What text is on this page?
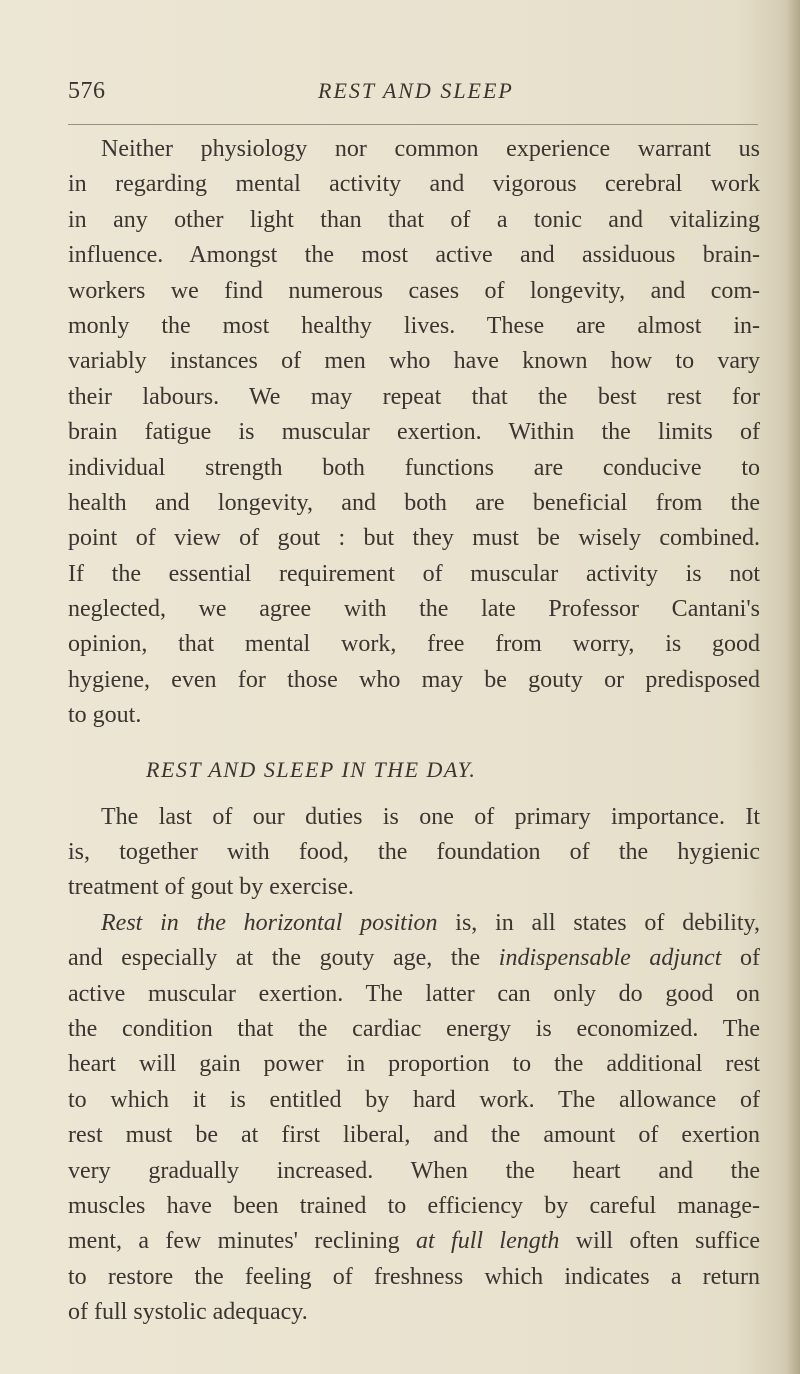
576	REST AND SLEEP
Neither physiology nor common experience warrant us
in regarding mental activity and vigorous cerebral work
in any other light than that of a tonic and vitalizing
influence. Amongst the most active and assiduous brain-
workers we find numerous cases of longevity, and com-
monly the most healthy lives. These are almost in-
variably instances of men who have known how to vary
their labours. We may repeat that the best rest for
brain fatigue is muscular exertion. Within the limits of
individual strength both functions are conducive to
health and longevity, and both are beneficial from the
point of view of gout : but they must be wisely combined.
If the essential requirement of muscular activity is not
neglected, we agree with the late Professor Cantani's
opinion, that mental work, free from worry, is good
hygiene, even for those who may be gouty or predisposed
to gout.
REST AND SLEEP IN THE DAY.
The last of our duties is one of primary importance. It
is, together with food, the foundation of the hygienic
treatment of gout by exercise.
Rest in the horizontal position is, in all states of debility,
and especially at the gouty age, the indispensable adjunct of
active muscular exertion. The latter can only do good on
the condition that the cardiac energy is economized. The
heart will gain power in proportion to the additional rest
to which it is entitled by hard work. The allowance of
rest must be at first liberal, and the amount of exertion
very gradually increased. When the heart and the
muscles have been trained to efficiency by careful manage-
ment, a few minutes' reclining at full length will often suffice
to restore the feeling of freshness which indicates a return
of full systolic adequacy.
